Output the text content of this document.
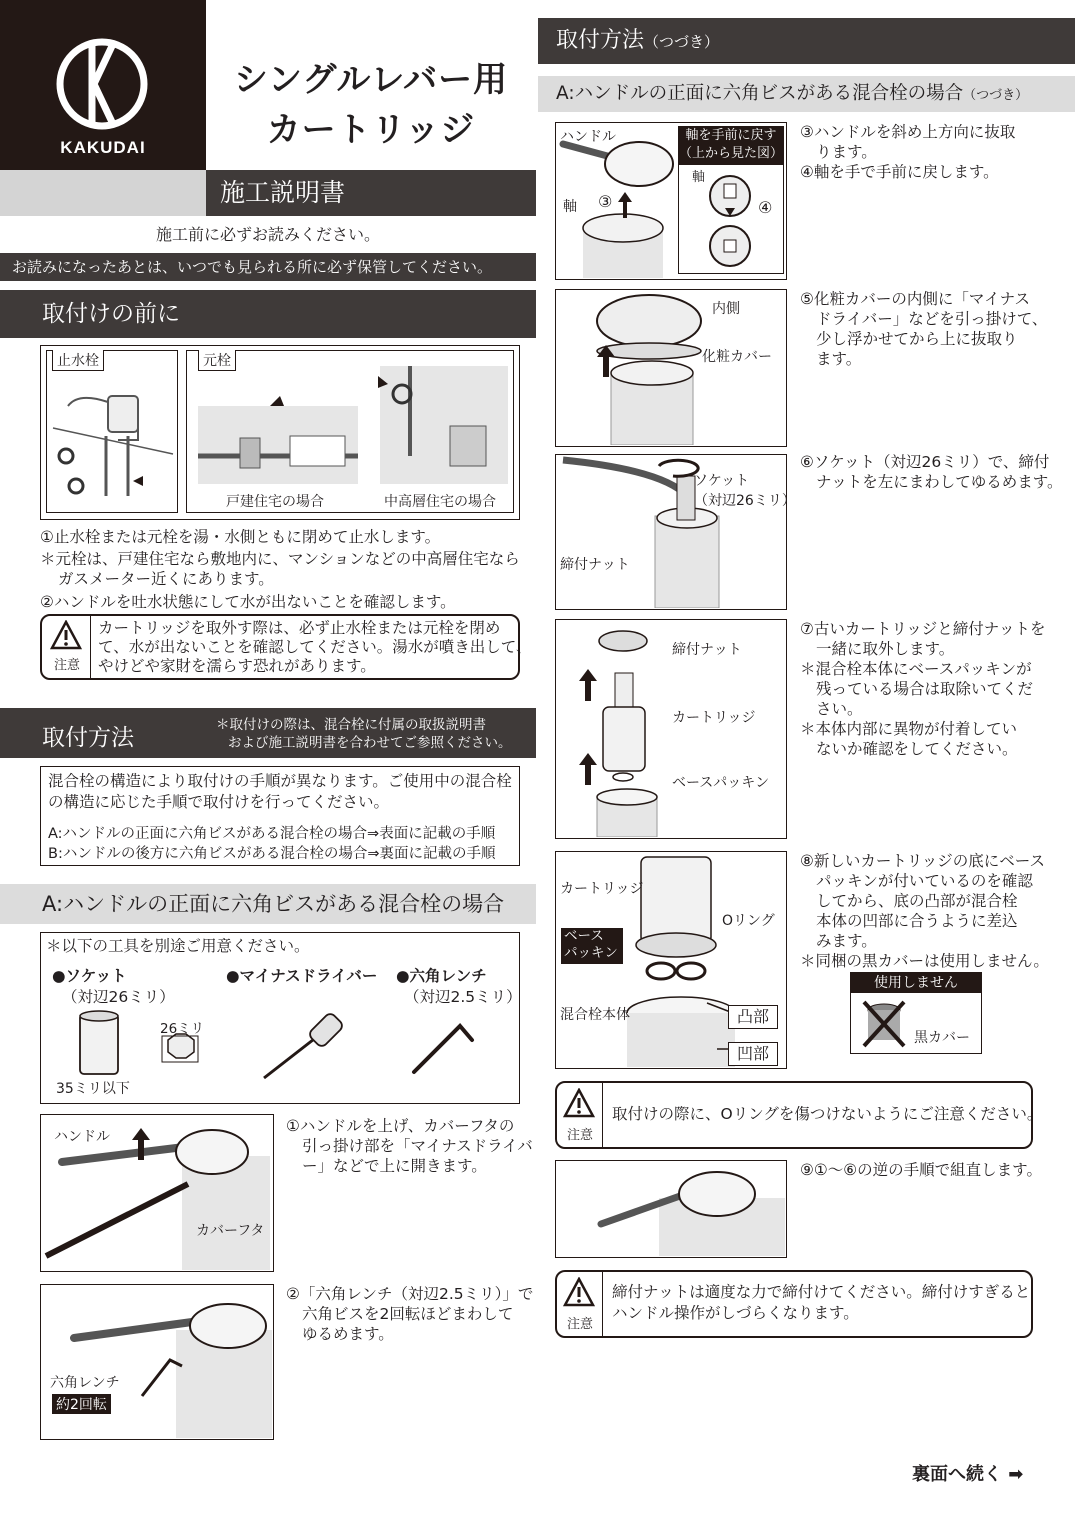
KAKUDAI
シングルレバー用
カートリッジ
施工説明書
施工前に必ずお読みください。
お読みになったあとは、いつでも見られる所に必ず保管してください。
取付けの前に
止水栓	元栓
戸建住宅の場合	中高層住宅の場合
①止水栓または元栓を湯・水側ともに閉めて止水します。
＊元栓は、戸建住宅なら敷地内に、マンションなどの中高層住宅なら
ガスメーター近くにあります。
②ハンドルを吐水状態にして水が出ないことを確認します。
注意
カートリッジを取外す際は、必ず止水栓または元栓を閉め
て、水が出ないことを確認してください。湯水が噴き出して、
やけどや家財を濡らす恐れがあります。
取付方法	＊取付けの際は、混合栓に付属の取扱説明書
および施工説明書を合わせてご参照ください。
混合栓の構造により取付けの手順が異なります。ご使用中の混合栓
の構造に応じた手順で取付けを行ってください。
A:ハンドルの正面に六角ビスがある混合栓の場合⇒表面に記載の手順
B:ハンドルの後方に六角ビスがある混合栓の場合⇒裏面に記載の手順
A:ハンドルの正面に六角ビスがある混合栓の場合
＊以下の工具を別途ご用意ください。
●ソケット
（対辺26ミリ）
●マイナスドライバー ●六角レンチ
（対辺2.5ミリ）
26ミリ
35ミリ以下
ハンドル
カバーフタ
①ハンドルを上げ、カバーフタの
引っ掛け部を「マイナスドライバ
ー」などで上に開きます。
六角レンチ
約2回転
②「六角レンチ（対辺2.5ミリ）」で
六角ビスを2回転ほどまわして
ゆるめます。
取付方法（つづき）
A:ハンドルの正面に六角ビスがある混合栓の場合（つづき）
ハンドル
軸 ③
軸を手前に戻す
（上から見た図）
軸
④
③ハンドルを斜め上方向に抜取
ります。
④軸を手で手前に戻します。
内側
化粧カバー
⑤化粧カバーの内側に「マイナス
ドライバー」などを引っ掛けて、
少し浮かせてから上に抜取り
ます。
ソケット
（対辺26ミリ）
締付ナット
⑥ソケット（対辺26ミリ）で、締付
ナットを左にまわしてゆるめます。
締付ナット
カートリッジ
ベースパッキン
⑦古いカートリッジと締付ナットを
一緒に取外します。
＊混合栓本体にベースパッキンが
残っている場合は取除いてくだ
さい。
＊本体内部に異物が付着してい
ないか確認をしてください。
カートリッジ
Oリング
ベース
パッキン
混合栓本体	凸部
凹部
⑧新しいカートリッジの底にベース
パッキンが付いているのを確認
してから、底の凸部が混合栓
本体の凹部に合うように差込
みます。
＊同梱の黒カバーは使用しません。
使用しません
黒カバー
注意
取付けの際に、Oリングを傷つけないようにご注意ください。
⑨①〜⑥の逆の手順で組直します。
注意
締付ナットは適度な力で締付けてください。締付けすぎると
ハンドル操作がしづらくなります。
裏面へ続く ➡
